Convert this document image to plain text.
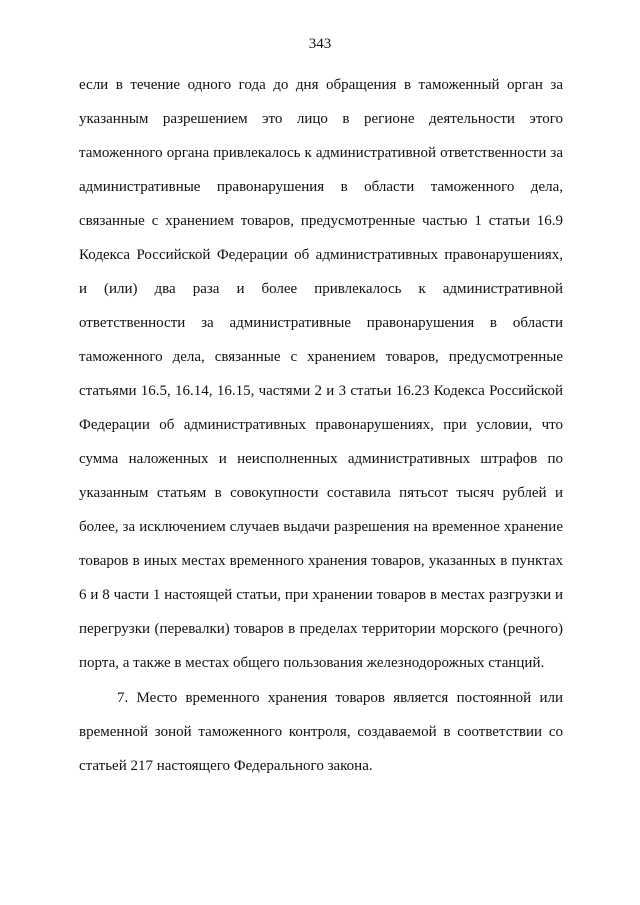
343
если в течение одного года до дня обращения в таможенный орган за
указанным разрешением это лицо в регионе деятельности этого
таможенного органа привлекалось к административной ответственности за
административные правонарушения в области таможенного дела,
связанные с хранением товаров, предусмотренные частью 1 статьи 16.9
Кодекса Российской Федерации об административных правонарушениях,
и (или) два раза и более привлекалось к административной
ответственности за административные правонарушения в области
таможенного дела, связанные с хранением товаров, предусмотренные
статьями 16.5, 16.14, 16.15, частями 2 и 3 статьи 16.23 Кодекса Российской
Федерации об административных правонарушениях, при условии, что
сумма наложенных и неисполненных административных штрафов по
указанным статьям в совокупности составила пятьсот тысяч рублей и
более, за исключением случаев выдачи разрешения на временное хранение
товаров в иных местах временного хранения товаров, указанных в пунктах
6 и 8 части 1 настоящей статьи, при хранении товаров в местах разгрузки и
перегрузки (перевалки) товаров в пределах территории морского (речного)
порта, а также в местах общего пользования железнодорожных станций.
7. Место временного хранения товаров является постоянной или
временной зоной таможенного контроля, создаваемой в соответствии со
статьей 217 настоящего Федерального закона.
